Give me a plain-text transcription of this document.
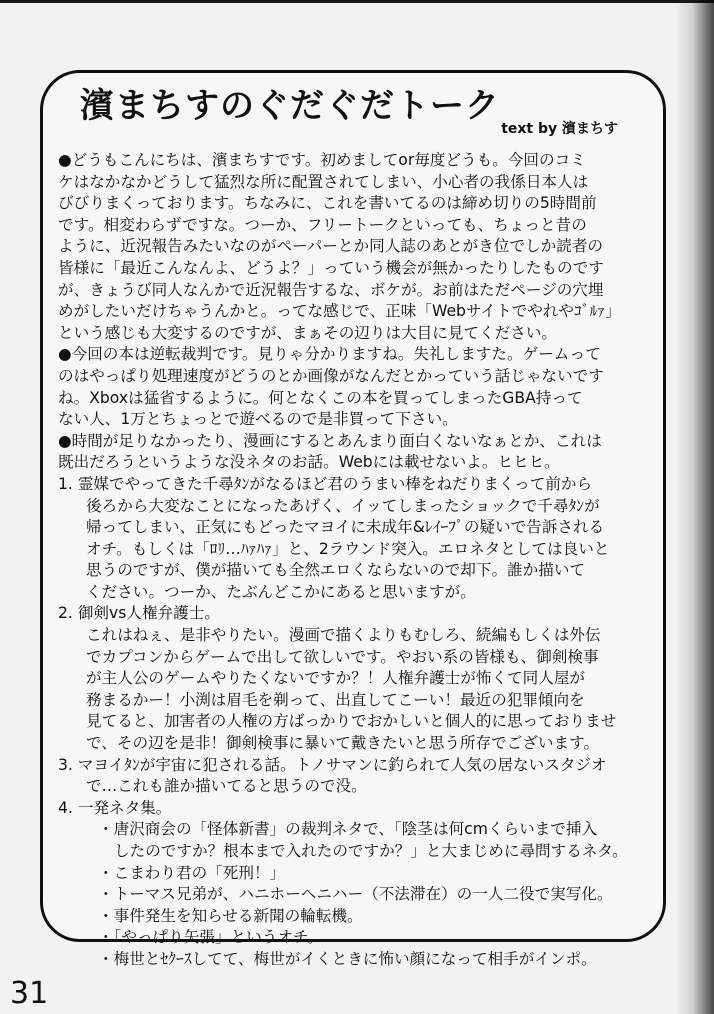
濱まちすのぐだぐだトーク
text by 濱まちす

●どうもこんにちは、濱まちすです。初めましてor毎度どうも。今回のコミ
ケはなかなかどうして猛烈な所に配置されてしまい、小心者の我係日本人は
びびりまくっております。ちなみに、これを書いてるのは締め切りの5時間前
です。相変わらずですな。つーか、フリートークといっても、ちょっと昔の
ように、近況報告みたいなのがペーパーとか同人誌のあとがき位でしか読者の
皆様に「最近こんなんよ、どうよ？」っていう機会が無かったりしたものです
が、きょうび同人なんかで近況報告するな、ボケが。お前はただページの穴埋
めがしたいだけちゃうんかと。ってな感じで、正味「Webサイトでやれやｺﾞﾙｧ」
という感じも大変するのですが、まぁその辺りは大目に見てください。

●今回の本は逆転裁判です。見りゃ分かりますね。失礼しますた。ゲームって
のはやっぱり処理速度がどうのとか画像がなんだとかっていう話じゃないです
ね。Xboxは猛省するように。何となくこの本を買ってしまったGBA持って
ない人、1万とちょっとで遊べるので是非買って下さい。

●時間が足りなかったり、漫画にするとあんまり面白くないなぁとか、これは
既出だろうというような没ネタのお話。Webには載せないよ。ヒヒヒ。

1. 霊媒でやってきた千尋ﾀﾝがなるほど君のうまい棒をねだりまくって前から

後ろから大変なことになったあげく、イッてしまったショックで千尋ﾀﾝが
帰ってしまい、正気にもどったマヨイに未成年&ﾚｲｰﾌﾟの疑いで告訴される
オチ。もしくは「ﾛﾘ…ﾊｧﾊｧ」と、2ラウンド突入。エロネタとしては良いと
思うのですが、僕が描いても全然エロくならないので却下。誰か描いて
ください。つーか、たぶんどこかにあると思いますが。

2. 御剣vs人権弁護士。

これはねぇ、是非やりたい。漫画で描くよりもむしろ、続編もしくは外伝
でカプコンからゲームで出して欲しいです。やおい系の皆様も、御剣検事
が主人公のゲームやりたくないですか？！人権弁護士が怖くて同人屋が
務まるかー！小渕は眉毛を剃って、出直してこーい！最近の犯罪傾向を
見てると、加害者の人権の方ばっかりでおかしいと個人的に思っておりませ
で、その辺を是非！御剣検事に暴いて戴きたいと思う所存でございます。

3. マヨイﾀﾝが宇宙に犯される話。トノサマンに釣られて人気の居ないスタジオ

で…これも誰か描いてると思うので没。

4. 一発ネタ集。

・唐沢商会の「怪体新書」の裁判ネタで、「陰茎は何cmくらいまで挿入

したのですか？根本まで入れたのですか？」と大まじめに尋問するネタ。

・こまわり君の「死刑！」

・トーマス兄弟が、ハニホーヘニハー（不法滞在）の一人二役で実写化。

・事件発生を知らせる新聞の輪転機。

・「やっぱり矢張」というオチ。

・梅世とｾｸｰｽしてて、梅世がイくときに怖い顔になって相手がインポ。

31
